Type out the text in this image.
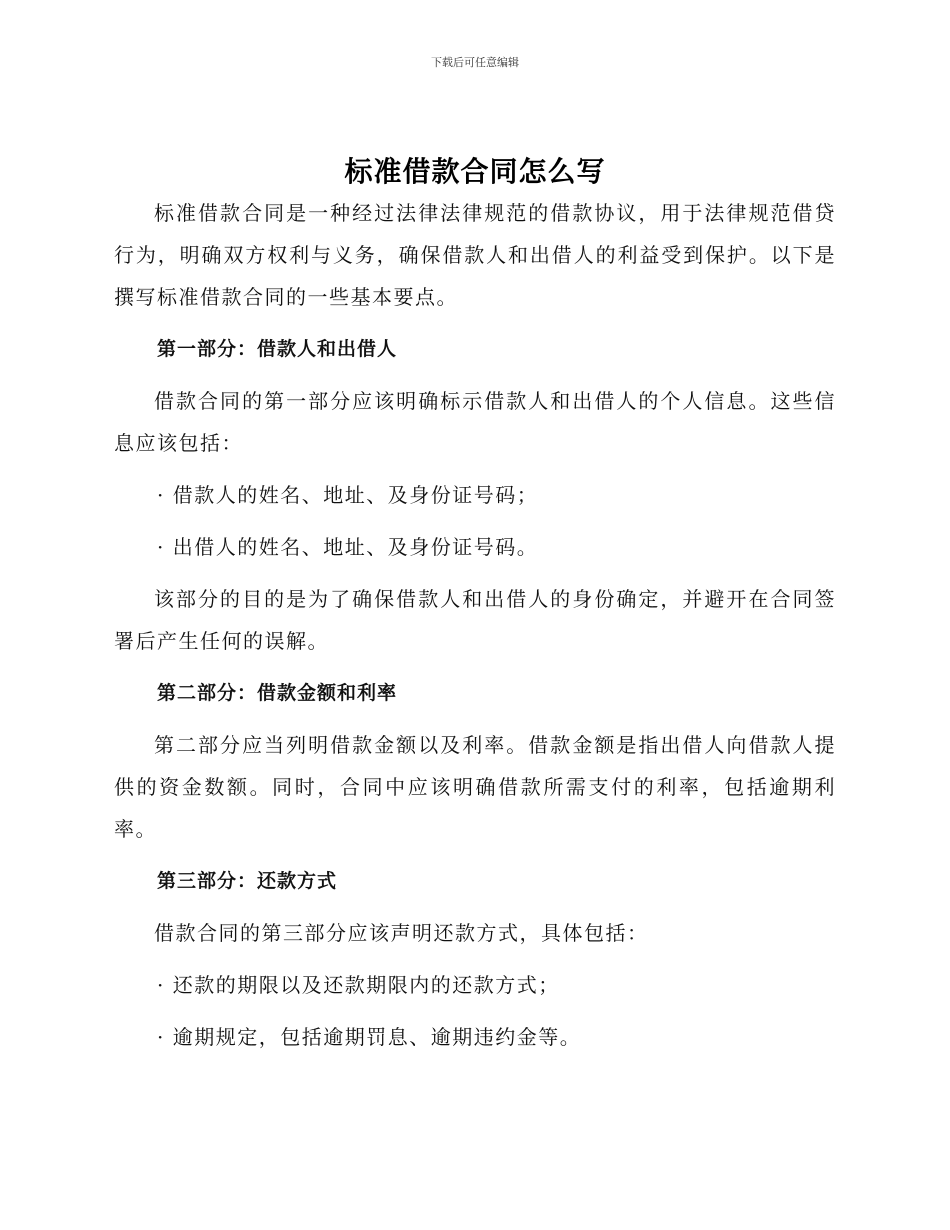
下载后可任意编辑
标准借款合同怎么写

标准借款合同是一种经过法律法律规范的借款协议，用于法律规范借贷行为，明确双方权利与义务，确保借款人和出借人的利益受到保护。以下是撰写标准借款合同的一些基本要点。

第一部分：借款人和出借人

借款合同的第一部分应该明确标示借款人和出借人的个人信息。这些信息应该包括：

· 借款人的姓名、地址、及身份证号码；

· 出借人的姓名、地址、及身份证号码。

该部分的目的是为了确保借款人和出借人的身份确定，并避开在合同签署后产生任何的误解。

第二部分：借款金额和利率

第二部分应当列明借款金额以及利率。借款金额是指出借人向借款人提供的资金数额。同时，合同中应该明确借款所需支付的利率，包括逾期利率。

第三部分：还款方式

借款合同的第三部分应该声明还款方式，具体包括：

· 还款的期限以及还款期限内的还款方式；

· 逾期规定，包括逾期罚息、逾期违约金等。
